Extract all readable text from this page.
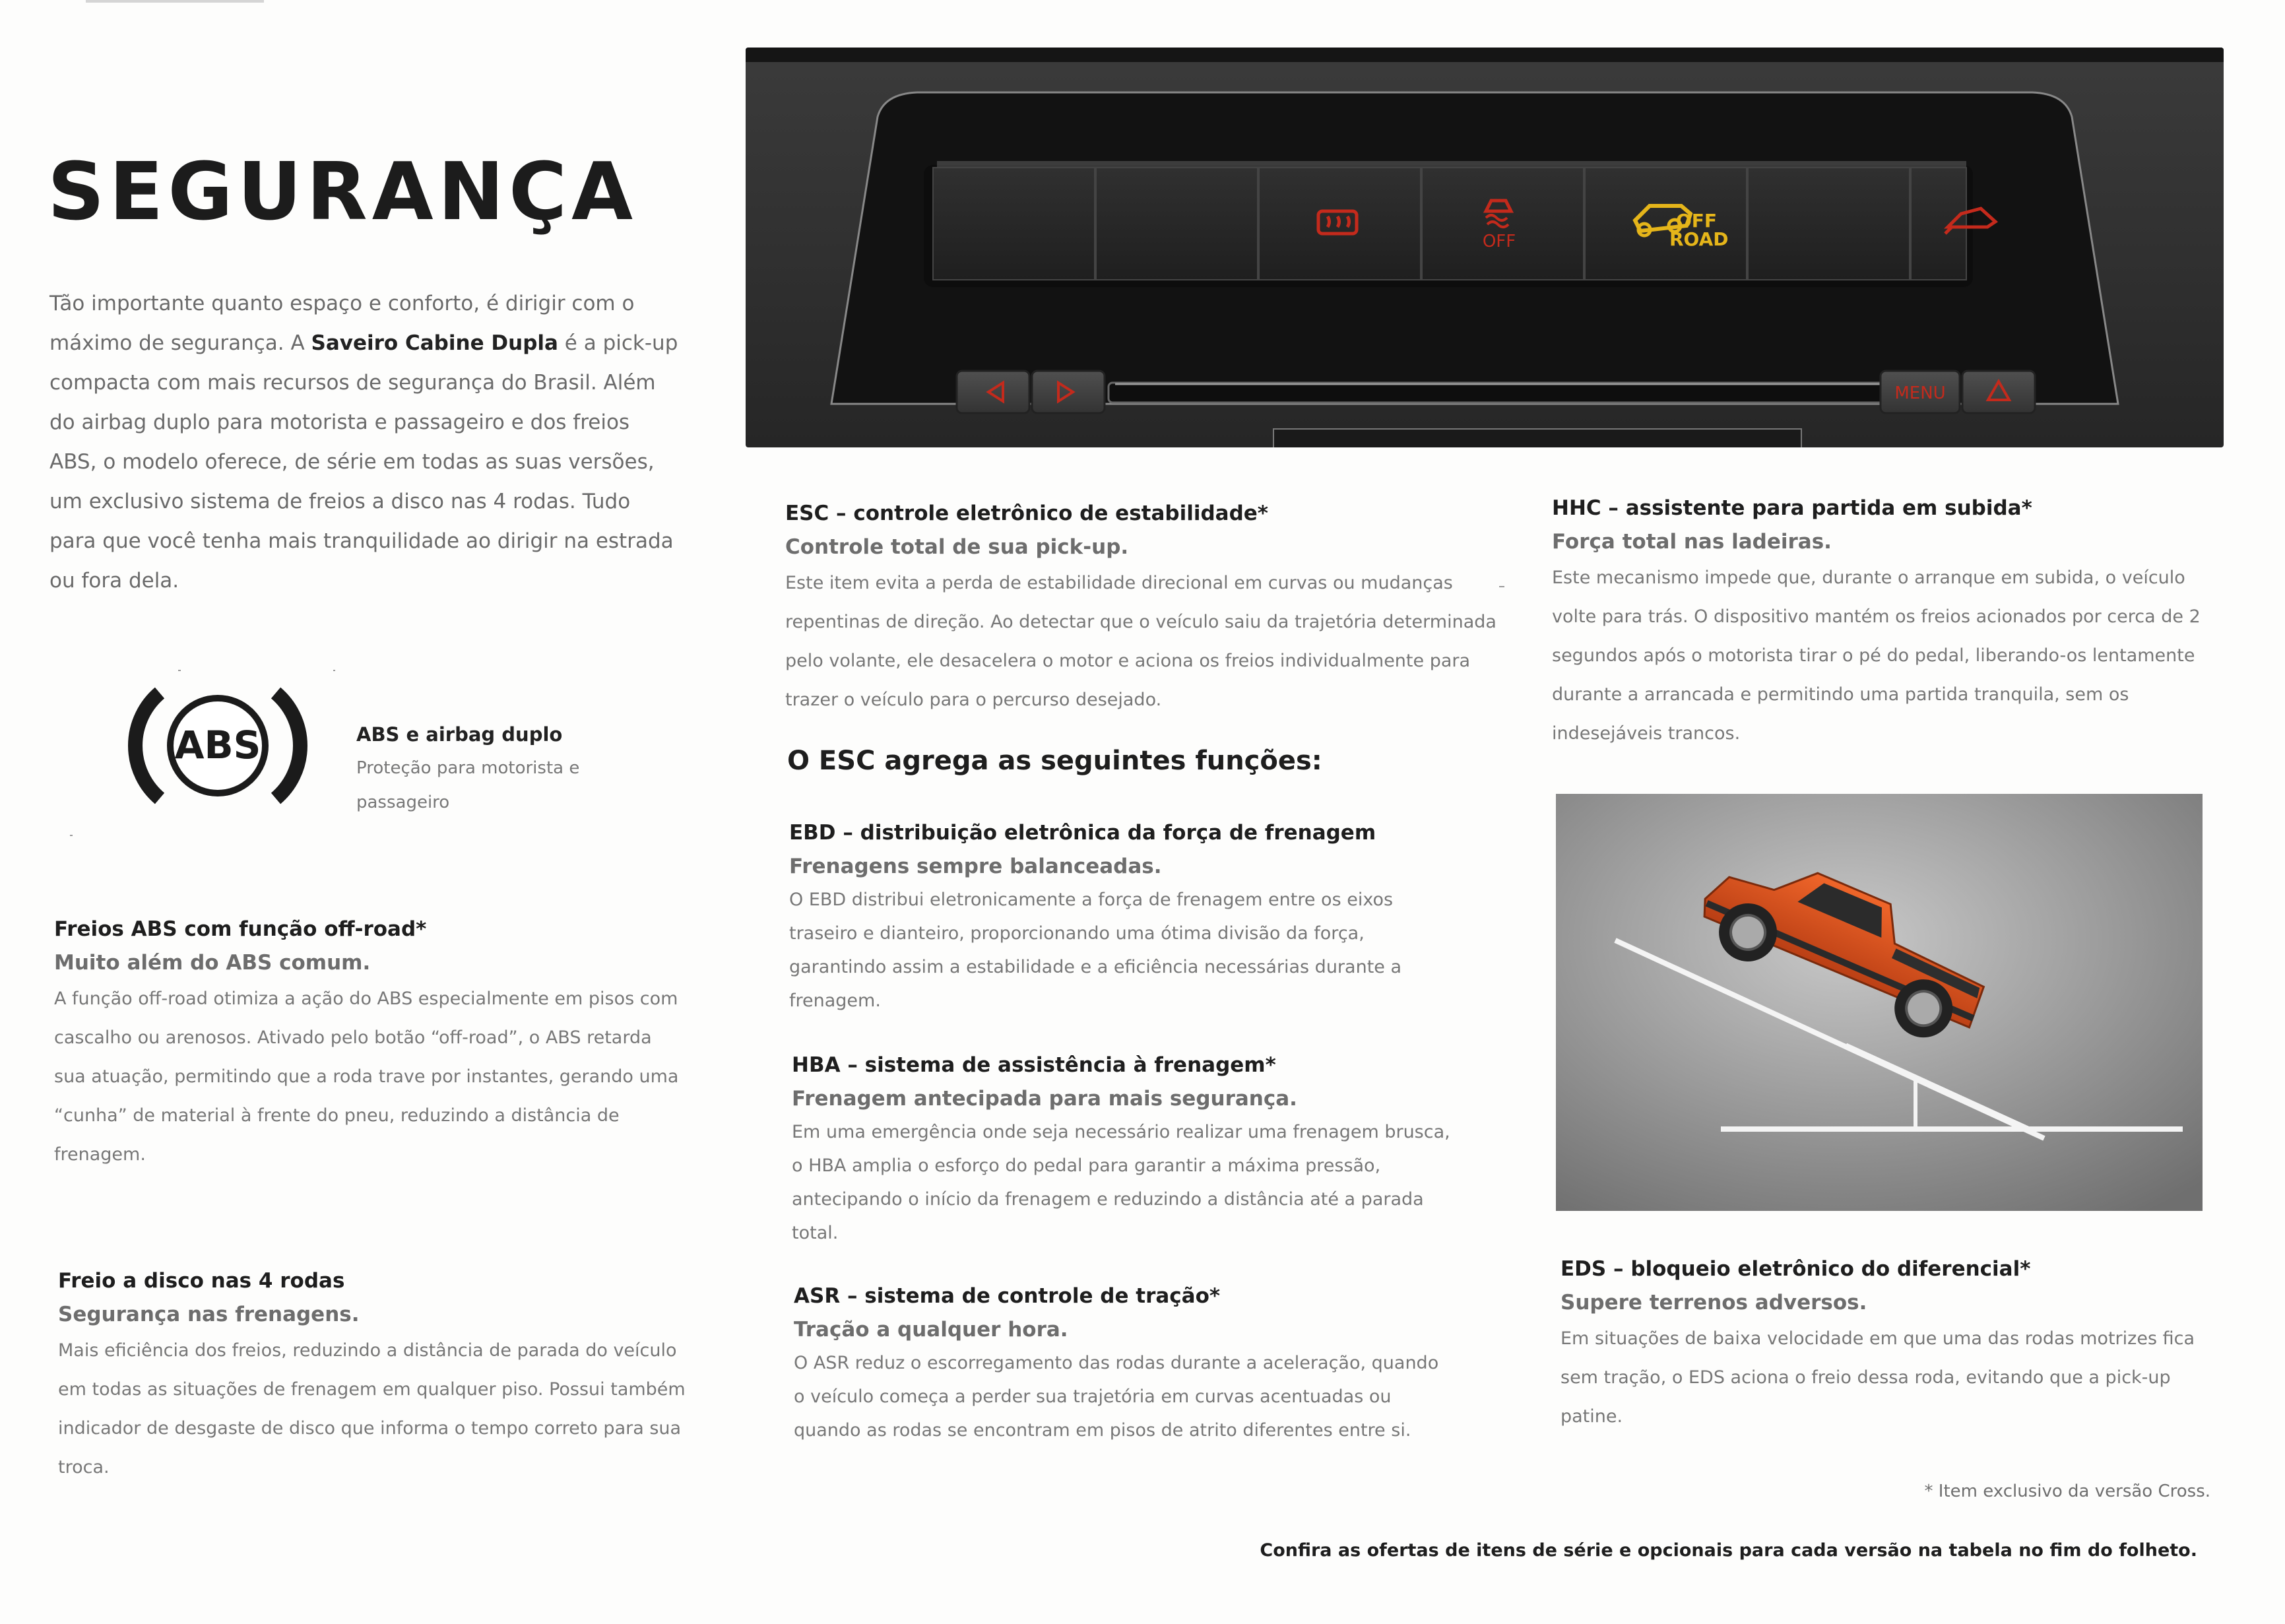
SEGURANÇA

Tão importante quanto espaço e conforto, é dirigir com o máximo de segurança. A Saveiro Cabine Dupla é a pick-up compacta com mais recursos de segurança do Brasil. Além do airbag duplo para motorista e passageiro e dos freios ABS, o modelo oferece, de série em todas as suas versões, um exclusivo sistema de freios a disco nas 4 rodas. Tudo para que você tenha mais tranquilidade ao dirigir na estrada ou fora dela.

ABS	ABS e airbag duplo

Proteção para motorista e passageiro

Freios ABS com função off-road*
Muito além do ABS comum.

A função off-road otimiza a ação do ABS especialmente em pisos com cascalho ou arenosos. Ativado pelo botão “off-road”, o ABS retarda sua atuação, permitindo que a roda trave por instantes, gerando uma “cunha” de material à frente do pneu, reduzindo a distância de frenagem.

Freio a disco nas 4 rodas
Segurança nas frenagens.

Mais eficiência dos freios, reduzindo a distância de parada do veículo em todas as situações de frenagem em qualquer piso. Possui também indicador de desgaste de disco que informa o tempo correto para sua troca.

OFF
OFF
ROAD
MENU
ESC – controle eletrônico de estabilidade*
Controle total de sua pick-up.

Este item evita a perda de estabilidade direcional em curvas ou mudanças repentinas de direção. Ao detectar que o veículo saiu da trajetória determinada pelo volante, ele desacelera o motor e aciona os freios individualmente para trazer o veículo para o percurso desejado.

O ESC agrega as seguintes funções:
EBD – distribuição eletrônica da força de frenagem
Frenagens sempre balanceadas.

O EBD distribui eletronicamente a força de frenagem entre os eixos traseiro e dianteiro, proporcionando uma ótima divisão da força, garantindo assim a estabilidade e a eficiência necessárias durante a frenagem.

HBA – sistema de assistência à frenagem*
Frenagem antecipada para mais segurança.

Em uma emergência onde seja necessário realizar uma frenagem brusca, o HBA amplia o esforço do pedal para garantir a máxima pressão, antecipando o início da frenagem e reduzindo a distância até a parada total.

ASR – sistema de controle de tração*
Tração a qualquer hora.

O ASR reduz o escorregamento das rodas durante a aceleração, quando o veículo começa a perder sua trajetória em curvas acentuadas ou quando as rodas se encontram em pisos de atrito diferentes entre si.

HHC – assistente para partida em subida*
Força total nas ladeiras.

Este mecanismo impede que, durante o arranque em subida, o veículo volte para trás. O dispositivo mantém os freios acionados por cerca de 2 segundos após o motorista tirar o pé do pedal, liberando-os lentamente durante a arrancada e permitindo uma partida tranquila, sem os indesejáveis trancos.

EDS – bloqueio eletrônico do diferencial*
Supere terrenos adversos.

Em situações de baixa velocidade em que uma das rodas motrizes fica sem tração, o EDS aciona o freio dessa roda, evitando que a pick-up patine.

* Item exclusivo da versão Cross.

Confira as ofertas de itens de série e opcionais para cada versão na tabela no fim do folheto.
